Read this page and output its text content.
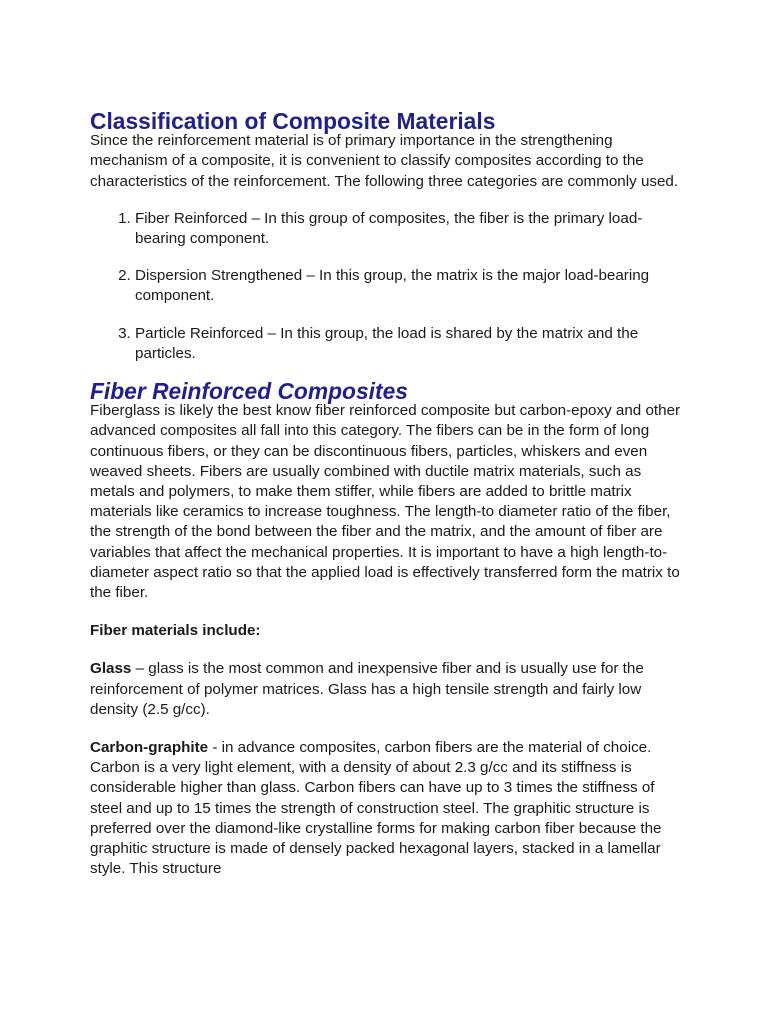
Classification of Composite Materials

Since the reinforcement material is of primary importance in the strengthening mechanism of a composite, it is convenient to classify composites according to the characteristics of the reinforcement. The following three categories are commonly used.

1. Fiber Reinforced – In this group of composites, the fiber is the primary load-bearing component.
2. Dispersion Strengthened – In this group, the matrix is the major load-bearing component.
3. Particle Reinforced – In this group, the load is shared by the matrix and the particles.
Fiber Reinforced Composites

Fiberglass is likely the best know fiber reinforced composite but carbon-epoxy and other advanced composites all fall into this category. The fibers can be in the form of long continuous fibers, or they can be discontinuous fibers, particles, whiskers and even weaved sheets. Fibers are usually combined with ductile matrix materials, such as metals and polymers, to make them stiffer, while fibers are added to brittle matrix materials like ceramics to increase toughness. The length-to diameter ratio of the fiber, the strength of the bond between the fiber and the matrix, and the amount of fiber are variables that affect the mechanical properties. It is important to have a high length-to-diameter aspect ratio so that the applied load is effectively transferred form the matrix to the fiber.

Fiber materials include:

Glass – glass is the most common and inexpensive fiber and is usually use for the reinforcement of polymer matrices. Glass has a high tensile strength and fairly low density (2.5 g/cc).

Carbon-graphite - in advance composites, carbon fibers are the material of choice. Carbon is a very light element, with a density of about 2.3 g/cc and its stiffness is considerable higher than glass. Carbon fibers can have up to 3 times the stiffness of steel and up to 15 times the strength of construction steel. The graphitic structure is preferred over the diamond-like crystalline forms for making carbon fiber because the graphitic structure is made of densely packed hexagonal layers, stacked in a lamellar style. This structure
